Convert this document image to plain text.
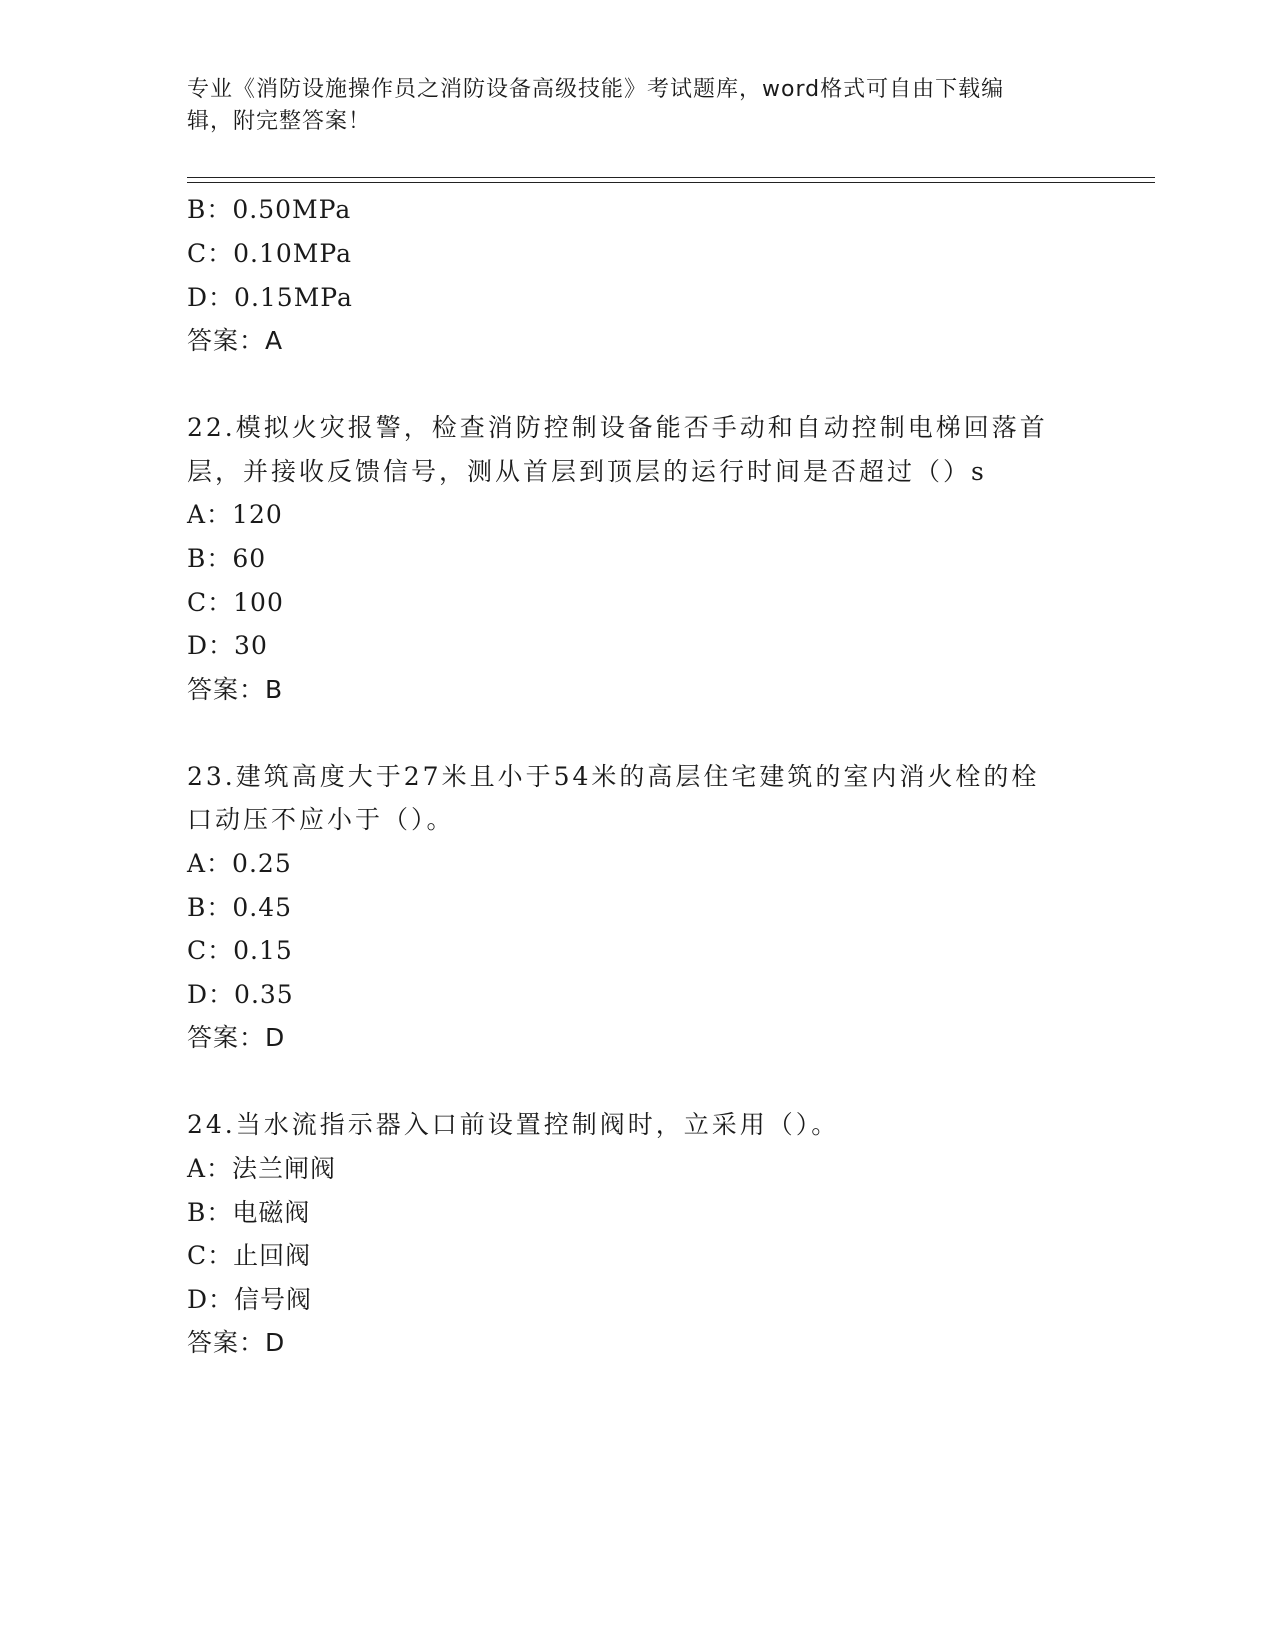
专业《消防设施操作员之消防设备高级技能》考试题库，word格式可自由下载编
辑，附完整答案！
B：0.50MPa
C：0.10MPa
D：0.15MPa
答案：A
22.模拟火灾报警，检查消防控制设备能否手动和自动控制电梯回落首
层，并接收反馈信号，测从首层到顶层的运行时间是否超过（）s
A：120
B：60
C：100
D：30
答案：B
23.建筑高度大于27米且小于54米的高层住宅建筑的室内消火栓的栓
口动压不应小于（）。
A：0.25
B：0.45
C：0.15
D：0.35
答案：D
24.当水流指示器入口前设置控制阀时，立采用（）。
A：法兰闸阀
B：电磁阀
C：止回阀
D：信号阀
答案：D
